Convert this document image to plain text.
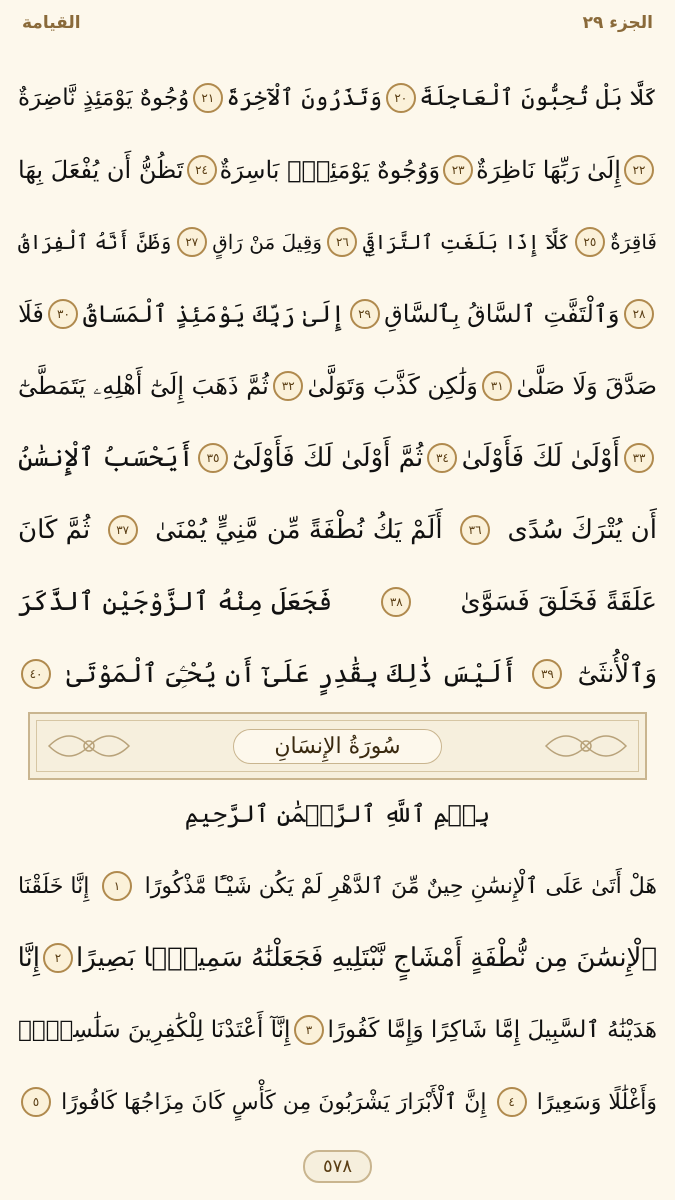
الجزء ٢٩
القيامة
كَلَّا بَلْ تُحِبُّونَ ٱلْعَاجِلَةَ
٢٠
وَتَذَرُونَ ٱلْآخِرَةَ
٢١
وُجُوهٌ يَوْمَئِذٍ نَّاضِرَةٌ
٢٢
إِلَىٰ رَبِّهَا نَاظِرَةٌ
٢٣
وَوُجُوهٌ يَوْمَئِذٍۭ بَاسِرَةٌ
٢٤
تَظُنُّ أَن يُفْعَلَ بِهَا
فَاقِرَةٌ
٢٥
كَلَّآ إِذَا بَلَغَتِ ٱلتَّرَاقِيَ
٢٦
وَقِيلَ مَنْ رَاقٍ
٢٧
وَظَنَّ أَنَّهُ ٱلْفِرَاقُ
٢٨
وَٱلْتَفَّتِ ٱلسَّاقُ بِٱلسَّاقِ
٢٩
إِلَىٰ رَبِّكَ يَوْمَئِذٍ ٱلْمَسَاقُ
٣٠
فَلَا
صَدَّقَ وَلَا صَلَّىٰ
٣١
وَلَٰكِن كَذَّبَ وَتَوَلَّىٰ
٣٢
ثُمَّ ذَهَبَ إِلَىٰٓ أَهْلِهِۦ يَتَمَطَّىٰٓ
٣٣
أَوْلَىٰ لَكَ فَأَوْلَىٰ
٣٤
ثُمَّ أَوْلَىٰ لَكَ فَأَوْلَىٰٓ
٣٥
أَيَحْسَبُ ٱلْإِنسَٰنُ
أَن يُتْرَكَ سُدًى
٣٦
أَلَمْ يَكُ نُطْفَةً مِّن مَّنِيٍّ يُمْنَىٰ
٣٧
ثُمَّ كَانَ
عَلَقَةً فَخَلَقَ فَسَوَّىٰ
٣٨
فَجَعَلَ مِنْهُ ٱلزَّوْجَيْنِ ٱلذَّكَرَ
وَٱلْأُنثَىٰٓ
٣٩
أَلَيْسَ ذَٰلِكَ بِقَٰدِرٍ عَلَىٰٓ أَن يُحْـِۧىَ ٱلْمَوْتَىٰ
٤٠
سُورَةُ الإِنسَانِ
بِسۡمِ ٱللَّهِ ٱلرَّحۡمَٰنِ ٱلرَّحِيمِ
هَلْ أَتَىٰ عَلَى ٱلْإِنسَٰنِ حِينٌ مِّنَ ٱلدَّهْرِ لَمْ يَكُن شَيْـًٔا مَّذْكُورًا
١
إِنَّا خَلَقْنَا
ٱلْإِنسَٰنَ مِن نُّطْفَةٍ أَمْشَاجٍ نَّبْتَلِيهِ فَجَعَلْنَٰهُ سَمِيعًۢا بَصِيرًا
٢
إِنَّا
هَدَيْنَٰهُ ٱلسَّبِيلَ إِمَّا شَاكِرًا وَإِمَّا كَفُورًا
٣
إِنَّآ أَعْتَدْنَا لِلْكَٰفِرِينَ سَلَٰسِلَا۟
وَأَغْلَٰلًا وَسَعِيرًا
٤
إِنَّ ٱلْأَبْرَارَ يَشْرَبُونَ مِن كَأْسٍ كَانَ مِزَاجُهَا كَافُورًا
٥
٥٧٨
